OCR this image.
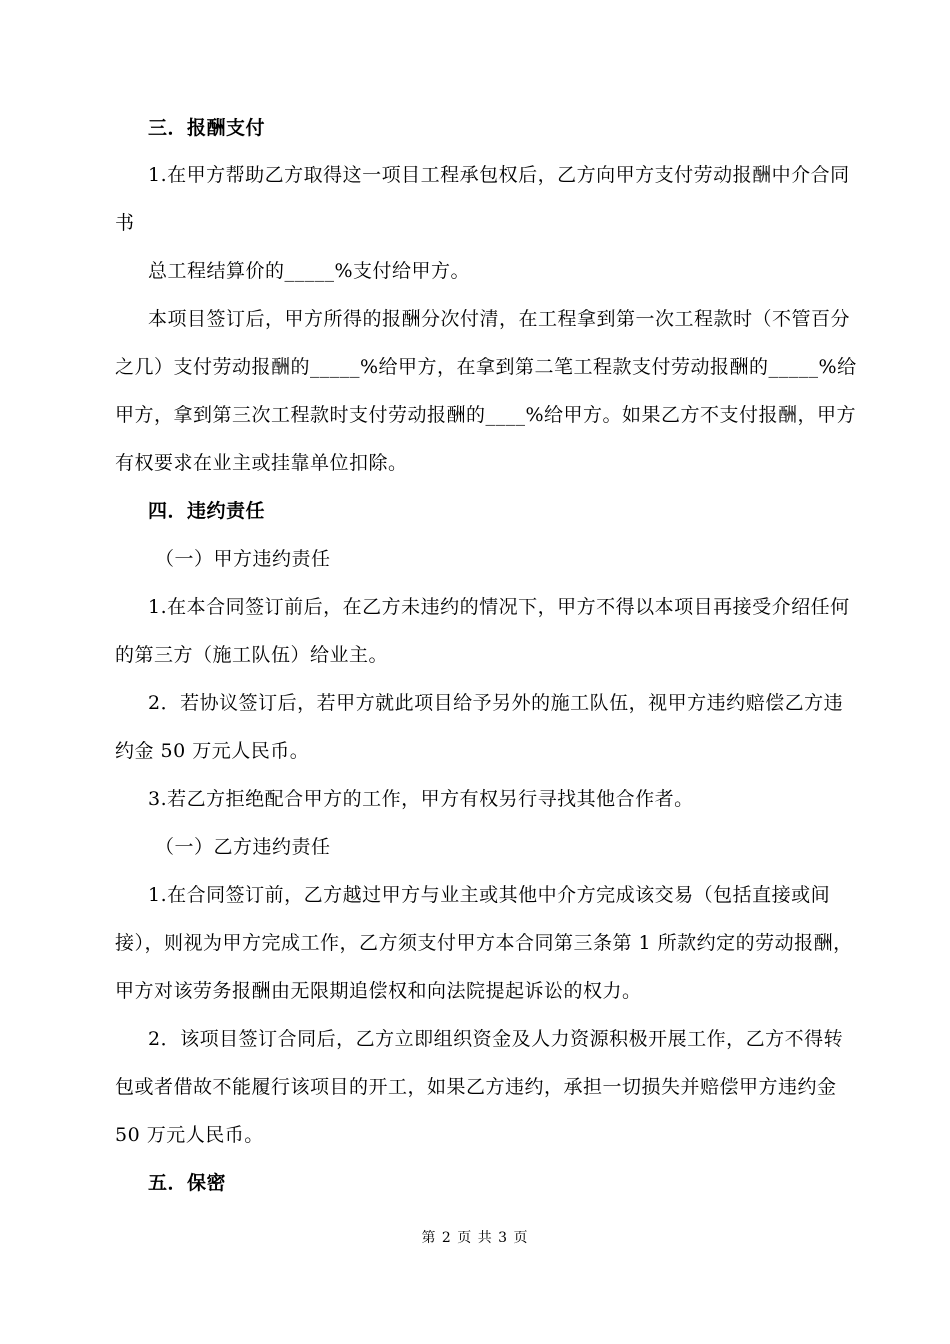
三．报酬支付
1.在甲方帮助乙方取得这一项目工程承包权后，乙方向甲方支付劳动报酬中介合同
书
总工程结算价的_____%支付给甲方。
本项目签订后，甲方所得的报酬分次付清，在工程拿到第一次工程款时（不管百分
之几）支付劳动报酬的_____%给甲方，在拿到第二笔工程款支付劳动报酬的_____%给
甲方，拿到第三次工程款时支付劳动报酬的____%给甲方。如果乙方不支付报酬，甲方
有权要求在业主或挂靠单位扣除。
四．违约责任
（一）甲方违约责任
1.在本合同签订前后，在乙方未违约的情况下，甲方不得以本项目再接受介绍任何
的第三方（施工队伍）给业主。
2．若协议签订后，若甲方就此项目给予另外的施工队伍，视甲方违约赔偿乙方违
约金 50 万元人民币。
3.若乙方拒绝配合甲方的工作，甲方有权另行寻找其他合作者。
（一）乙方违约责任
1.在合同签订前，乙方越过甲方与业主或其他中介方完成该交易（包括直接或间
接），则视为甲方完成工作，乙方须支付甲方本合同第三条第 1 所款约定的劳动报酬，
甲方对该劳务报酬由无限期追偿权和向法院提起诉讼的权力。
2．该项目签订合同后，乙方立即组织资金及人力资源积极开展工作，乙方不得转
包或者借故不能履行该项目的开工，如果乙方违约，承担一切损失并赔偿甲方违约金
50 万元人民币。
五．保密
第 2 页 共 3 页
